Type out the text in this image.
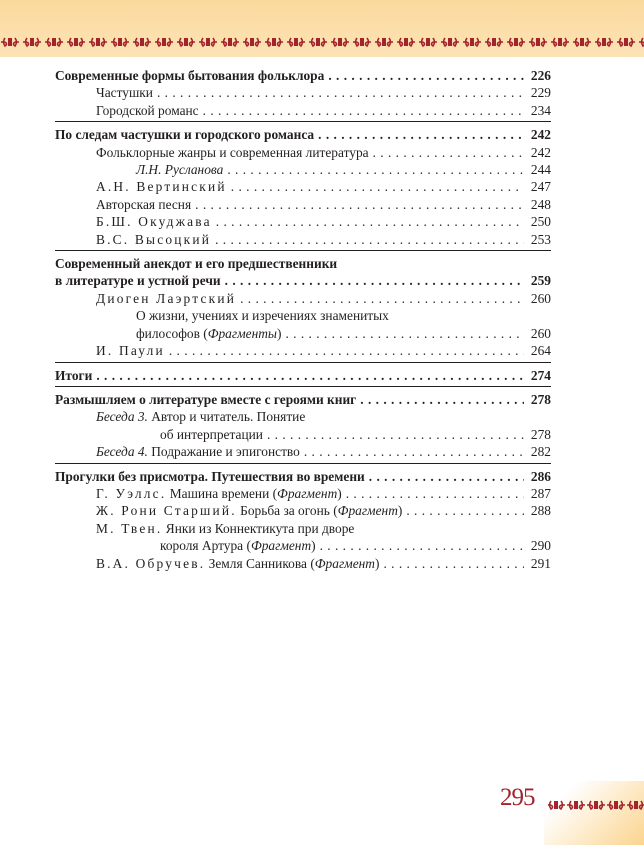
Современные формы бытования фольклора . . .	226
Частушки . . .	229
Городской романс . . .	234
По следам частушки и городского романса . . .	242
Фольклорные жанры и современная литература . . .	242
Л.Н. Русланова . . .	244
А.Н. Вертинский . . .	247
Авторская песня . . .	248
Б.Ш. Окуджава . . .	250
В.С. Высоцкий . . .	253
Современный анекдот и его предшественники
в литературе и устной речи . . .	259
Диоген Лаэртский . . .	260
О жизни, учениях и изречениях знаменитых
философов (Фрагменты) . . .	260
И. Паули . . .	264
Итоги . . .	274
Размышляем о литературе вместе с героями книг . . .	278
Беседа 3. Автор и читатель. Понятие
об интерпретации . . .	278
Беседа 4. Подражание и эпигонство . . .	282
Прогулки без присмотра. Путешествия во времени . . .	286
Г. Уэллс. Машина времени (Фрагмент) . . .	287
Ж. Рони Старший. Борьба за огонь (Фрагмент) . . .	288
М. Твен. Янки из Коннектикута при дворе
короля Артура (Фрагмент) . . .	290
В.А. Обручев. Земля Санникова (Фрагмент) . . .	291
295
